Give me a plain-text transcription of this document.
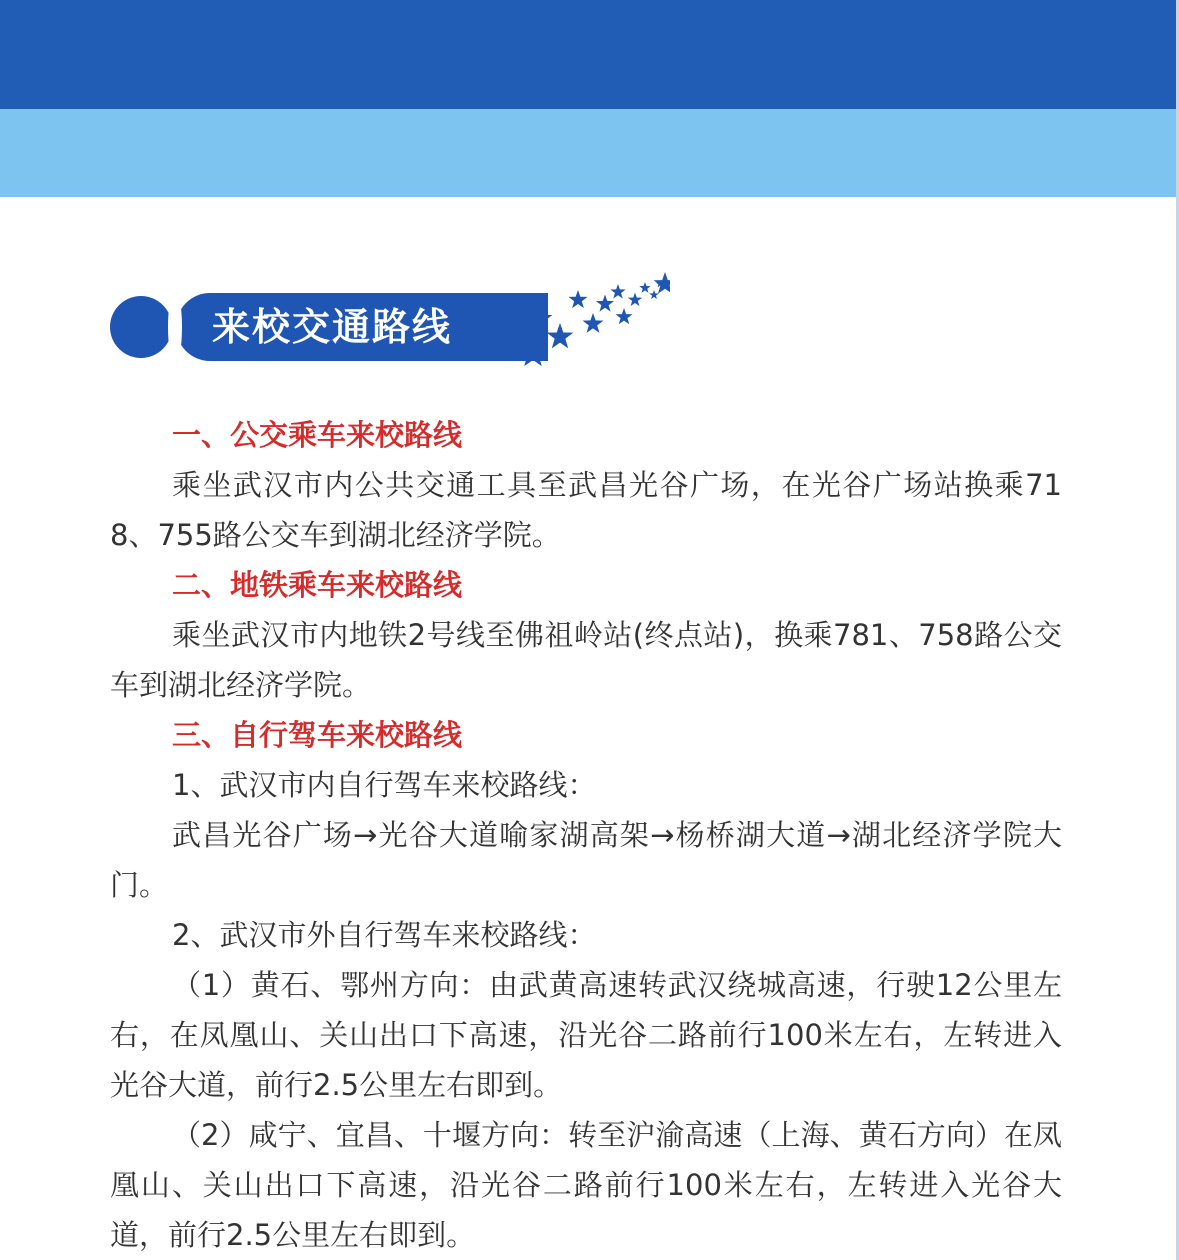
来校交通路线

一、公交乘车来校路线

乘坐武汉市内公共交通工具至武昌光谷广场，在光谷广场站换乘718、755路公交车到湖北经济学院。

二、地铁乘车来校路线

乘坐武汉市内地铁2号线至佛祖岭站(终点站)，换乘781、758路公交车到湖北经济学院。

三、自行驾车来校路线

1、武汉市内自行驾车来校路线：

武昌光谷广场→光谷大道喻家湖高架→杨桥湖大道→湖北经济学院大门。

2、武汉市外自行驾车来校路线：

（1）黄石、鄂州方向：由武黄高速转武汉绕城高速，行驶12公里左右，在凤凰山、关山出口下高速，沿光谷二路前行100米左右，左转进入光谷大道，前行2.5公里左右即到。

（2）咸宁、宜昌、十堰方向：转至沪渝高速（上海、黄石方向）在凤凰山、关山出口下高速，沿光谷二路前行100米左右，左转进入光谷大道，前行2.5公里左右即到。
